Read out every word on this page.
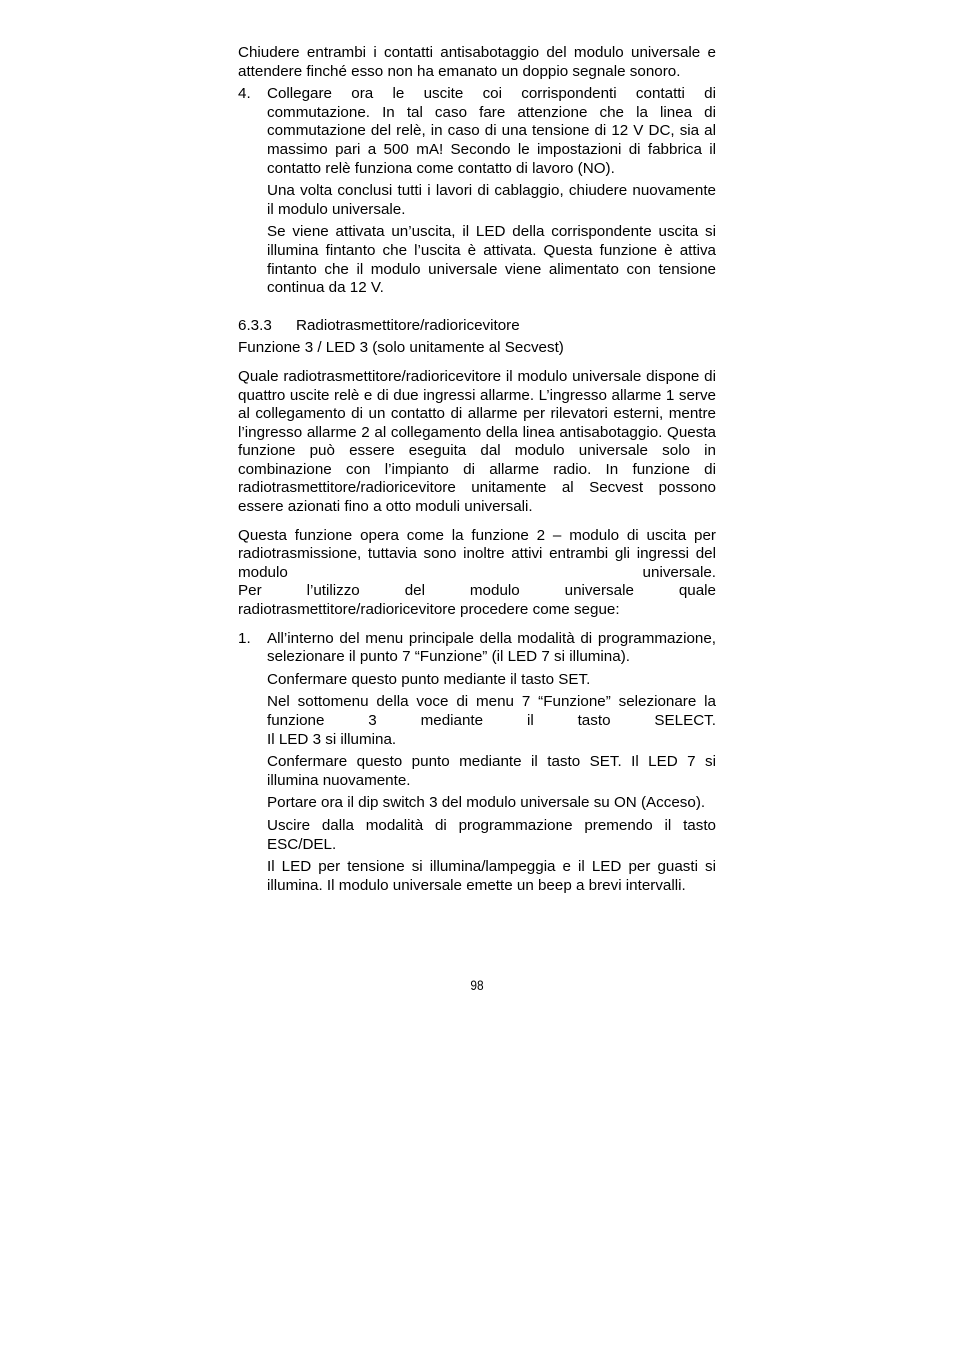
Chiudere entrambi i contatti antisabotaggio del modulo universale e attendere finché esso non ha emanato un doppio segnale sonoro.

4. Collegare ora le uscite coi corrispondenti contatti di commutazione. In tal caso fare attenzione che la linea di commutazione del relè, in caso di una tensione di 12 V DC, sia al massimo pari a 500 mA! Secondo le impostazioni di fabbrica il contatto relè funziona come contatto di lavoro (NO).

Una volta conclusi tutti i lavori di cablaggio, chiudere nuovamente il modulo universale.

Se viene attivata un’uscita, il LED della corrispondente uscita si illumina fintanto che l’uscita è attivata. Questa funzione è attiva fintanto che il modulo universale viene alimentato con tensione continua da 12 V.

6.3.3 Radiotrasmettitore/radioricevitore

Funzione 3 / LED 3 (solo unitamente al Secvest)

Quale radiotrasmettitore/radioricevitore il modulo universale dispone di quattro uscite relè e di due ingressi allarme. L’ingresso allarme 1 serve al collegamento di un contatto di allarme per rilevatori esterni, mentre l’ingresso allarme 2 al collegamento della linea antisabotaggio. Questa funzione può essere eseguita dal modulo universale solo in combinazione con l’impianto di allarme radio. In funzione di radiotrasmettitore/radioricevitore unitamente al Secvest possono essere azionati fino a otto moduli universali.

Questa funzione opera come la funzione 2 – modulo di uscita per radiotrasmissione, tuttavia sono inoltre attivi entrambi gli ingressi del modulo universale.

Per l’utilizzo del modulo universale quale radiotrasmettitore/radioricevitore procedere come segue:

1. All’interno del menu principale della modalità di programmazione, selezionare il punto 7 “Funzione” (il LED 7 si illumina).

Confermare questo punto mediante il tasto SET.

Nel sottomenu della voce di menu 7 “Funzione” selezionare la funzione 3 mediante il tasto SELECT.

Il LED 3 si illumina.

Confermare questo punto mediante il tasto SET. Il LED 7 si illumina nuovamente.

Portare ora il dip switch 3 del modulo universale su ON (Acceso).

Uscire dalla modalità di programmazione premendo il tasto ESC/DEL.

Il LED per tensione si illumina/lampeggia e il LED per guasti si illumina. Il modulo universale emette un beep a brevi intervalli.

98
